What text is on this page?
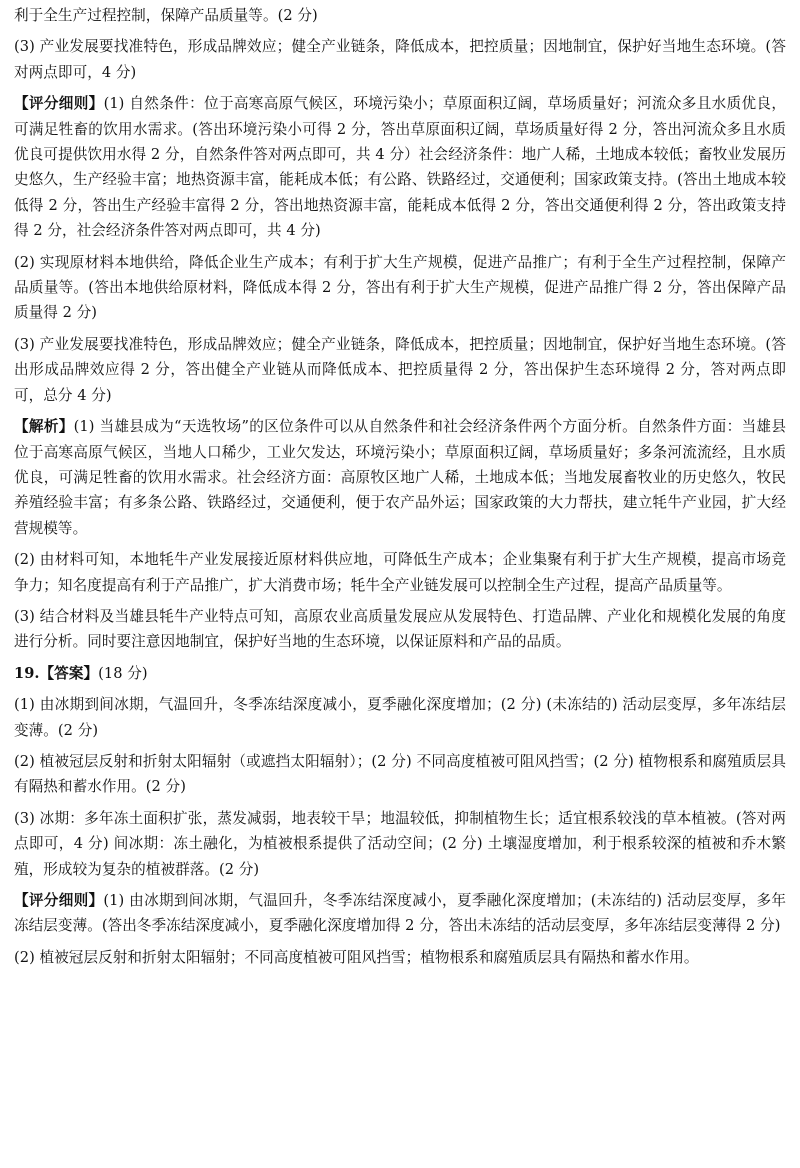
利于全生产过程控制，保障产品质量等。(2 分)

(3) 产业发展要找准特色，形成品牌效应；健全产业链条，降低成本，把控质量；因地制宜，保护好当地生态环境。(答对两点即可，4 分)

【评分细则】(1) 自然条件：位于高寒高原气候区，环境污染小；草原面积辽阔，草场质量好；河流众多且水质优良，可满足牲畜的饮用水需求。(答出环境污染小可得 2 分，答出草原面积辽阔，草场质量好得 2 分，答出河流众多且水质优良可提供饮用水得 2 分，自然条件答对两点即可，共 4 分）社会经济条件：地广人稀，土地成本较低；畜牧业发展历史悠久，生产经验丰富；地热资源丰富，能耗成本低；有公路、铁路经过，交通便利；国家政策支持。(答出土地成本较低得 2 分，答出生产经验丰富得 2 分，答出地热资源丰富，能耗成本低得 2 分，答出交通便利得 2 分，答出政策支持得 2 分，社会经济条件答对两点即可，共 4 分)

(2) 实现原材料本地供给，降低企业生产成本；有利于扩大生产规模，促进产品推广；有利于全生产过程控制，保障产品质量等。(答出本地供给原材料，降低成本得 2 分，答出有利于扩大生产规模，促进产品推广得 2 分，答出保障产品质量得 2 分)

(3) 产业发展要找准特色，形成品牌效应；健全产业链条，降低成本，把控质量；因地制宜，保护好当地生态环境。(答出形成品牌效应得 2 分，答出健全产业链从而降低成本、把控质量得 2 分，答出保护生态环境得 2 分，答对两点即可，总分 4 分)

【解析】(1) 当雄县成为“天选牧场”的区位条件可以从自然条件和社会经济条件两个方面分析。自然条件方面：当雄县位于高寒高原气候区，当地人口稀少，工业欠发达，环境污染小；草原面积辽阔，草场质量好；多条河流流经，且水质优良，可满足牲畜的饮用水需求。社会经济方面：高原牧区地广人稀，土地成本低；当地发展畜牧业的历史悠久，牧民养殖经验丰富；有多条公路、铁路经过，交通便利，便于农产品外运；国家政策的大力帮扶，建立牦牛产业园，扩大经营规模等。

(2) 由材料可知，本地牦牛产业发展接近原材料供应地，可降低生产成本；企业集聚有利于扩大生产规模，提高市场竞争力；知名度提高有利于产品推广，扩大消费市场；牦牛全产业链发展可以控制全生产过程，提高产品质量等。

(3) 结合材料及当雄县牦牛产业特点可知，高原农业高质量发展应从发展特色、打造品牌、产业化和规模化发展的角度进行分析。同时要注意因地制宜，保护好当地的生态环境，以保证原料和产品的品质。

19.【答案】(18 分)

(1) 由冰期到间冰期，气温回升，冬季冻结深度减小，夏季融化深度增加；(2 分) (未冻结的) 活动层变厚，多年冻结层变薄。(2 分)

(2) 植被冠层反射和折射太阳辐射（或遮挡太阳辐射）；(2 分) 不同高度植被可阻风挡雪；(2 分) 植物根系和腐殖质层具有隔热和蓄水作用。(2 分)

(3) 冰期：多年冻土面积扩张，蒸发减弱，地表较干旱；地温较低，抑制植物生长；适宜根系较浅的草本植被。(答对两点即可，4 分) 间冰期：冻土融化，为植被根系提供了活动空间；(2 分) 土壤湿度增加，利于根系较深的植被和乔木繁殖，形成较为复杂的植被群落。(2 分)

【评分细则】(1) 由冰期到间冰期，气温回升，冬季冻结深度减小，夏季融化深度增加；(未冻结的) 活动层变厚，多年冻结层变薄。(答出冬季冻结深度减小，夏季融化深度增加得 2 分，答出未冻结的活动层变厚，多年冻结层变薄得 2 分)

(2) 植被冠层反射和折射太阳辐射；不同高度植被可阻风挡雪；植物根系和腐殖质层具有隔热和蓄水作用。
